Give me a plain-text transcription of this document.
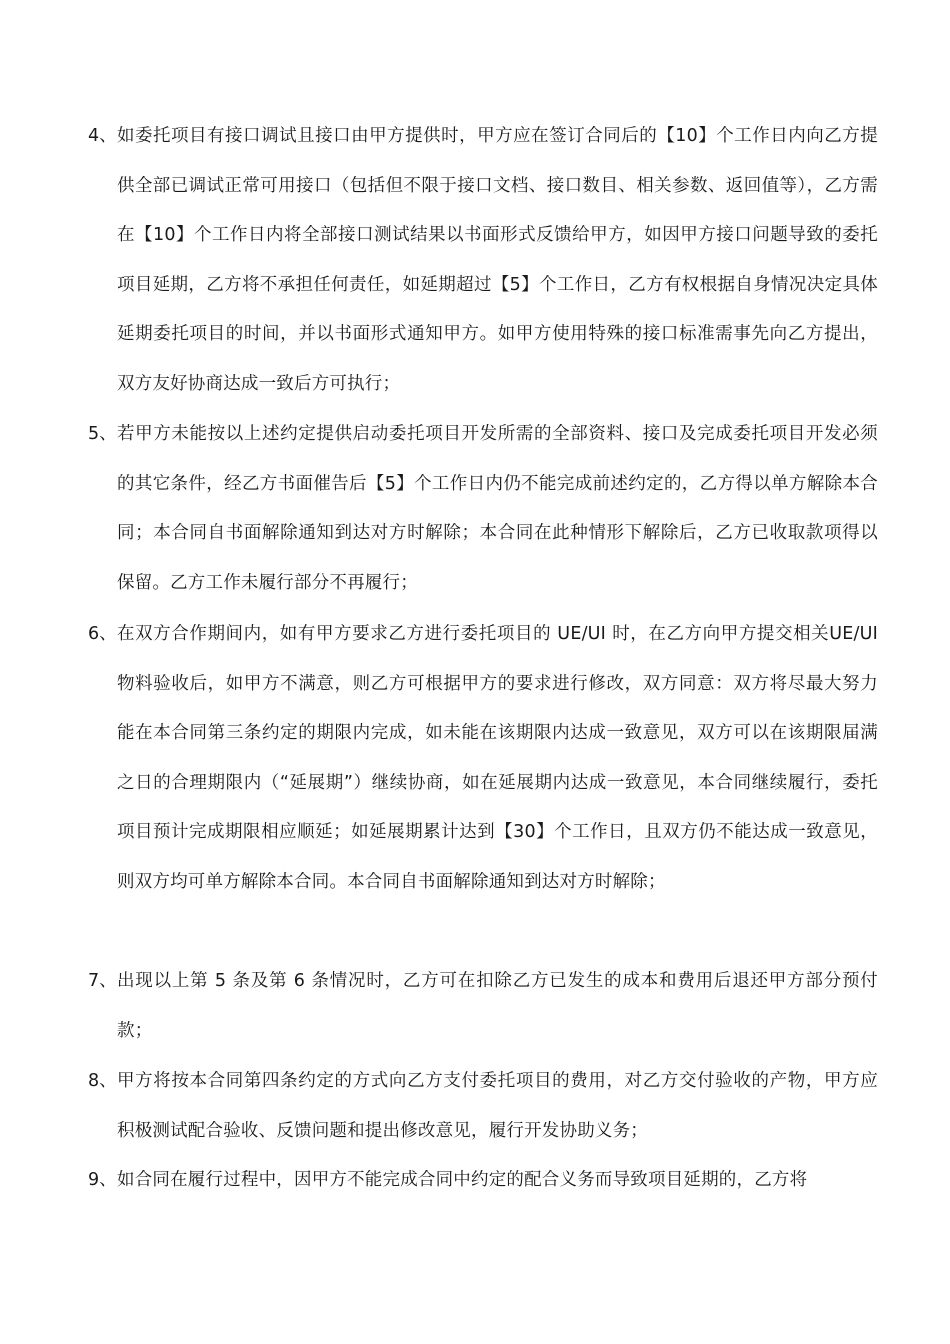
4、 如委托项目有接口调试且接口由甲方提供时，甲方应在签订合同后的【10】个工作日内向乙方提供全部已调试正常可用接口（包括但不限于接口文档、接口数目、相关参数、返回值等），乙方需在【10】个工作日内将全部接口测试结果以书面形式反馈给甲方，如因甲方接口问题导致的委托项目延期，乙方将不承担任何责任，如延期超过【5】个工作日，乙方有权根据自身情况决定具体延期委托项目的时间，并以书面形式通知甲方。如甲方使用特殊的接口标准需事先向乙方提出，双方友好协商达成一致后方可执行；
5、 若甲方未能按以上述约定提供启动委托项目开发所需的全部资料、接口及完成委托项目开发必须的其它条件，经乙方书面催告后【5】个工作日内仍不能完成前述约定的，乙方得以单方解除本合同；本合同自书面解除通知到达对方时解除；本合同在此种情形下解除后，乙方已收取款项得以保留。乙方工作未履行部分不再履行；
6、 在双方合作期间内，如有甲方要求乙方进行委托项目的 UE/UI 时，在乙方向甲方提交相关UE/UI 物料验收后，如甲方不满意，则乙方可根据甲方的要求进行修改，双方同意：双方将尽最大努力能在本合同第三条约定的期限内完成，如未能在该期限内达成一致意见，双方可以在该期限届满之日的合理期限内（“延展期”）继续协商，如在延展期内达成一致意见，本合同继续履行，委托项目预计完成期限相应顺延；如延展期累计达到【30】个工作日，且双方仍不能达成一致意见，则双方均可单方解除本合同。本合同自书面解除通知到达对方时解除；
7、 出现以上第 5 条及第 6 条情况时，乙方可在扣除乙方已发生的成本和费用后退还甲方部分预付款；
8、 甲方将按本合同第四条约定的方式向乙方支付委托项目的费用，对乙方交付验收的产物，甲方应积极测试配合验收、反馈问题和提出修改意见，履行开发协助义务；
9、 如合同在履行过程中，因甲方不能完成合同中约定的配合义务而导致项目延期的，乙方将
